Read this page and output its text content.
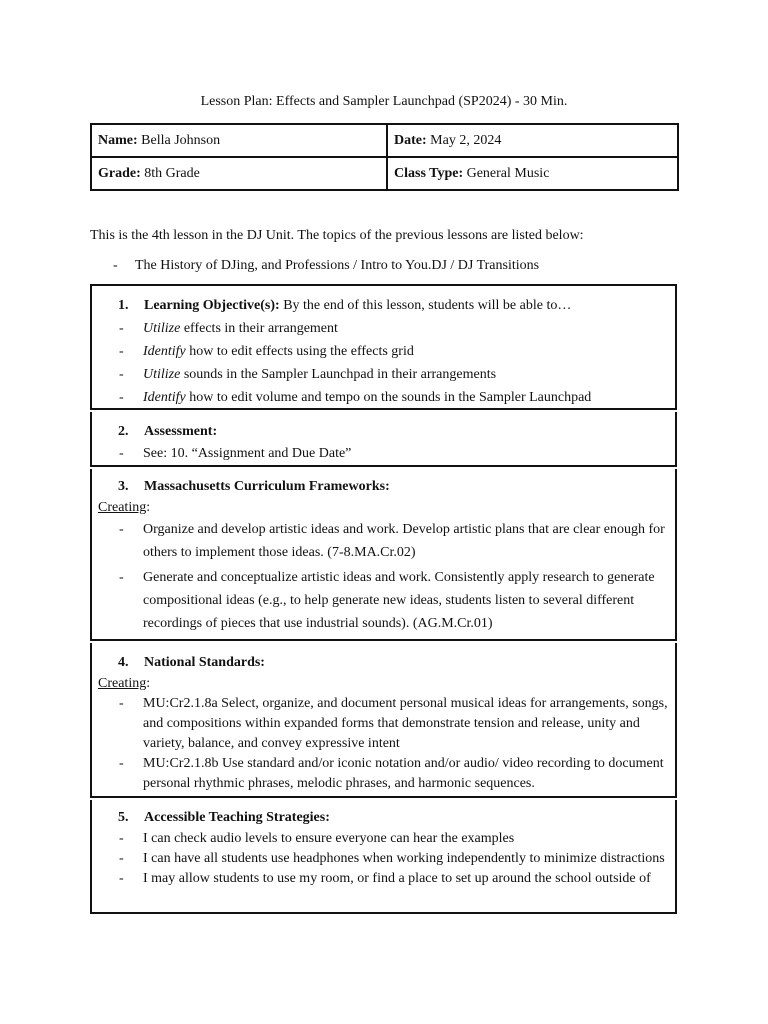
Lesson Plan: Effects and Sampler Launchpad (SP2024) - 30 Min.
Name: Bella Johnson	Date: May 2, 2024
Grade: 8th Grade	Class Type: General Music
This is the 4th lesson in the DJ Unit. The topics of the previous lessons are listed below:
- The History of DJing, and Professions / Intro to You.DJ / DJ Transitions
1. Learning Objective(s): By the end of this lesson, students will be able to…
- Utilize effects in their arrangement
- Identify how to edit effects using the effects grid
- Utilize sounds in the Sampler Launchpad in their arrangements
- Identify how to edit volume and tempo on the sounds in the Sampler Launchpad
2. Assessment:
- See: 10. “Assignment and Due Date”
3. Massachusetts Curriculum Frameworks:
Creating:
- Organize and develop artistic ideas and work. Develop artistic plans that are clear enough for others to implement those ideas. (7-8.MA.Cr.02)
- Generate and conceptualize artistic ideas and work. Consistently apply research to generate compositional ideas (e.g., to help generate new ideas, students listen to several different recordings of pieces that use industrial sounds). (AG.M.Cr.01)
4. National Standards:
Creating:
- MU:Cr2.1.8a Select, organize, and document personal musical ideas for arrangements, songs, and compositions within expanded forms that demonstrate tension and release, unity and variety, balance, and convey expressive intent
- MU:Cr2.1.8b Use standard and/or iconic notation and/or audio/ video recording to document personal rhythmic phrases, melodic phrases, and harmonic sequences.
5. Accessible Teaching Strategies:
- I can check audio levels to ensure everyone can hear the examples
- I can have all students use headphones when working independently to minimize distractions
- I may allow students to use my room, or find a place to set up around the school outside of
